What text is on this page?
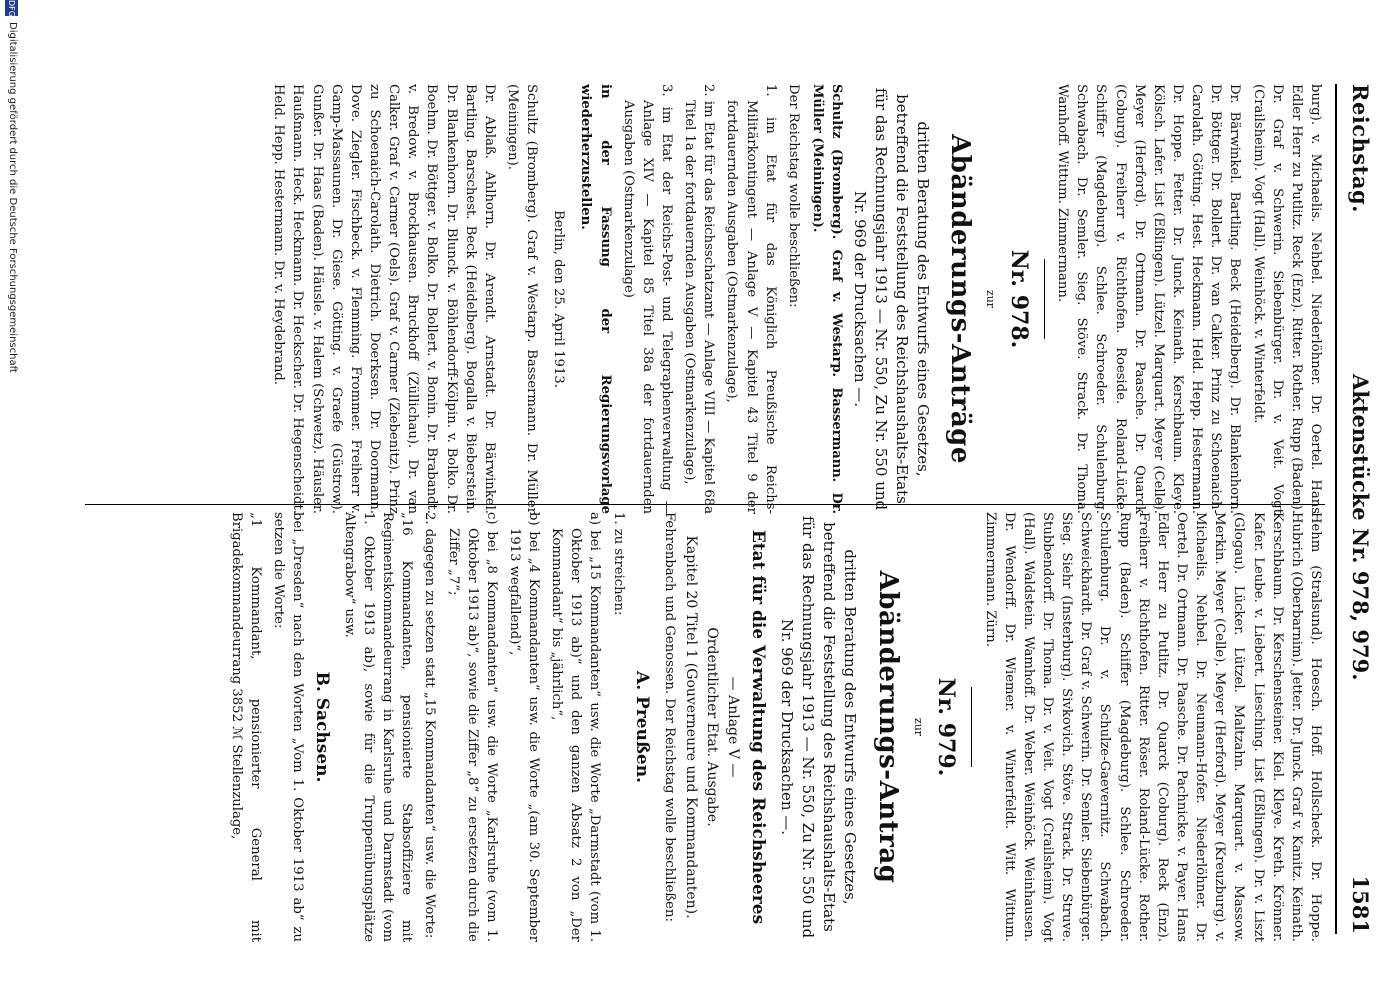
Reichstag.
Aktenstücke Nr. 978, 979.
1581

burg). v. Michaelis. Nehbel. Niederlöhner. Dr. Oertel. Hans Edler Herr zu Putlitz. Reck (Enz). Ritter. Rother. Rupp (Baden). Dr. Graf v. Schwerin. Siebenbürger. Dr. v. Veit. Vogt (Crailsheim). Vogt (Hall). Weinhöck. v. Winterfeldt.

Dr. Bärwinkel. Bartling. Beck (Heidelberg). Dr. Blankenhorn. Dr. Böttger. Dr. Bollert. Dr. van Calker. Prinz zu Schoenaich-Carolath. Götting. Hest. Heckmann. Held. Hepp. Hestermann. Dr. Hoppe. Fetter. Dr. Junck. Keinath. Kerschbaum. Kleye. Kölsch. Lafer. List (Eßlingen). Lützel. Marquart. Meyer (Celle). Meyer (Herford). Dr. Ortmann. Dr. Paasche. Dr. Quarck (Coburg). Freiherr v. Richthofen. Roeside. Roland-Lücke. Schiffer (Magdeburg). Schlee. Schroeder. Schulenburg. Schwabach. Dr. Semler. Sieg. Stöve. Strack. Dr. Thoma. Wamhoff. Wittum. Zimmermann.

Nr. 978.
zur
Abänderungs-Anträge
dritten Beratung des Entwurfs eines Gesetzes, betreffend die Feststellung des Reichshaushalts-Etats für das Rechnungsjahr 1913 — Nr. 550, Zu Nr. 550 und Nr. 969 der Drucksachen —.

Schultz (Bromberg). Graf v. Westarp. Bassermann. Dr. Müller (Meiningen).

Der Reichstag wolle beschließen:

1. im Etat für das Königlich Preußische Reichs-Militärkontingent — Anlage V — Kapitel 43 Titel 9 der fortdauernden Ausgaben (Ostmarkenzulage),

2. im Etat für das Reichsschatzamt — Anlage VIII — Kapitel 68a Titel 1a der fortdauernden Ausgaben (Ostmarkenzulage),

3. im Etat der Reichs-Post- und Telegraphenverwaltung — Anlage XIV — Kapitel 85 Titel 38a der fortdauernden Ausgaben (Ostmarkenzulage)

in der Fassung der Regierungsvorlage wiederherzustellen.

Berlin, den 25. April 1913.

Schultz (Bromberg). Graf v. Westarp. Bassermann. Dr. Müller (Meiningen).

Dr. Ablaß. Ahlhorn. Dr. Arendt. Arnstadt. Dr. Bärwinkel. Bartling. Barschest. Beck (Heidelberg). Bogalla v. Bieberstein. Dr. Blankenhorn. Dr. Blunck. v. Böhlendorff-Kölpin. v. Bolko. Dr. Boehm. Dr. Böttger. v. Bolko. Dr. Bollert. v. Bonin. Dr. Brabandt. v. Bredow. v. Brockhausen. Bruckhoff (Züllichau). Dr. van Calker. Graf v. Carmer (Oels). Graf v. Carmer (Ziebenitz). Prinz zu Schoenaich-Carolath. Dietrich. Doerksen. Dr. Doormann. Dove. Ziegler. Fischbeck. v. Flemming. Frommer. Freiherr v. Gamp-Massaunen. Dr. Giese. Götting. v. Graefe (Güstrow). Gunßer. Dr. Haas (Baden). Häusle. v. Halem (Schwetz). Häusler. Haußmann. Heck. Heckmann. Dr. Heckscher. Dr. Hegenscheidt. Held. Hepp. Hestermann. Dr. v. Heydebrand.

Hehm (Stralsund). Hoesch. Hoff. Hollscheck. Dr. Hoppe. Hubrich (Oberbarnim). Jetter. Dr. Junck. Graf v. Kanitz. Keinath. Kerschbaum. Dr. Kerschensteiner. Kiel. Kleye. Kreth. Krönner. Kafer. Leube. v. Liebert. Liesching. List (Eßlingen). Dr. v. Liszt (Glogau). Lücker. Lützel. Maltzahn. Marquart. v. Massow. Merkin. Meyer (Celle). Meyer (Herford). Meyer (Kreuzburg). v. Michaelis. Nehbel. Dr. Neumann-Hofer. Niederlöhner. Dr. Oertel. Dr. Ortmann. Dr. Paasche. Dr. Pachnicke. v. Payer. Hans Edler Herr zu Putlitz. Dr. Quarck (Coburg). Reck (Enz). Freiherr v. Richthofen. Ritter. Röser. Roland-Lücke. Rother. Rupp (Baden). Schiffer (Magdeburg). Schlee. Schroeder. Schulenburg. Dr. v. Schulze-Gaevernitz. Schwabach. Schweickhardt. Dr. Graf v. Schwerin. Dr. Semler. Siebenbürger. Sieg. Siehr (Insterburg). Sivkovich. Stöve. Strack. Dr. Struve. Stubbendorff. Dr. Thoma. Dr. v. Veit. Vogt (Crailsheim). Vogt (Hall). Waldstein. Wamhoff. Dr. Weber. Weinhöck. Weinhausen. Dr. Wendorff. Dr. Wiemer. v. Winterfeldt. Witt. Wittum. Zimmermann. Zürn.

Nr. 979.
zur
Abänderungs-Antrag
dritten Beratung des Entwurfs eines Gesetzes, betreffend die Feststellung des Reichshaushalts-Etats für das Rechnungsjahr 1913 — Nr. 550, Zu Nr. 550 und Nr. 969 der Drucksachen —.
Etat für die Verwaltung des Reichsheeres
— Anlage V —
Ordentlicher Etat. Ausgabe.
Kapitel 20 Titel 1 (Gouverneure und Kommandanten).

Fehrenbach und Genossen. Der Reichstag wolle beschließen:

A. Preußen.

1. zu streichen:

a) bei „15 Kommandanten“ usw. die Worte „Darmstadt (vom 1. Oktober 1913 ab)“ und den ganzen Absatz 2 von „Der Kommandant“ bis „jährlich“,

b) bei „4 Kommandanten“ usw. die Worte „(am 30. September 1913 wegfallend)“,

c) bei „8 Kommandanten“ usw. die Worte „Karlsruhe (vom 1. Oktober 1913 ab)“, sowie die Ziffer „8“ zu ersetzen durch die Ziffer „7“;

2. dagegen zu setzen statt „15 Kommandanten“ usw. die Worte:

„16 Kommandanten, pensionierte Stabsoffiziere mit Regimentskommandeurrang in Karlsruhe und Darmstadt (vom 1. Oktober 1913 ab), sowie für die Truppenübungsplätze Altengrabow“ usw.

B. Sachsen.

bei „Dresden“ nach den Worten „Vom 1. Oktober 1913 ab“ zu setzen die Worte:

„1 Kommandant, pensionierter General mit Brigadekommandeurrang 3852 ℳ Stellenzulage,

DFG
Digitalisierung gefördert durch die Deutsche Forschungsgemeinschaft
